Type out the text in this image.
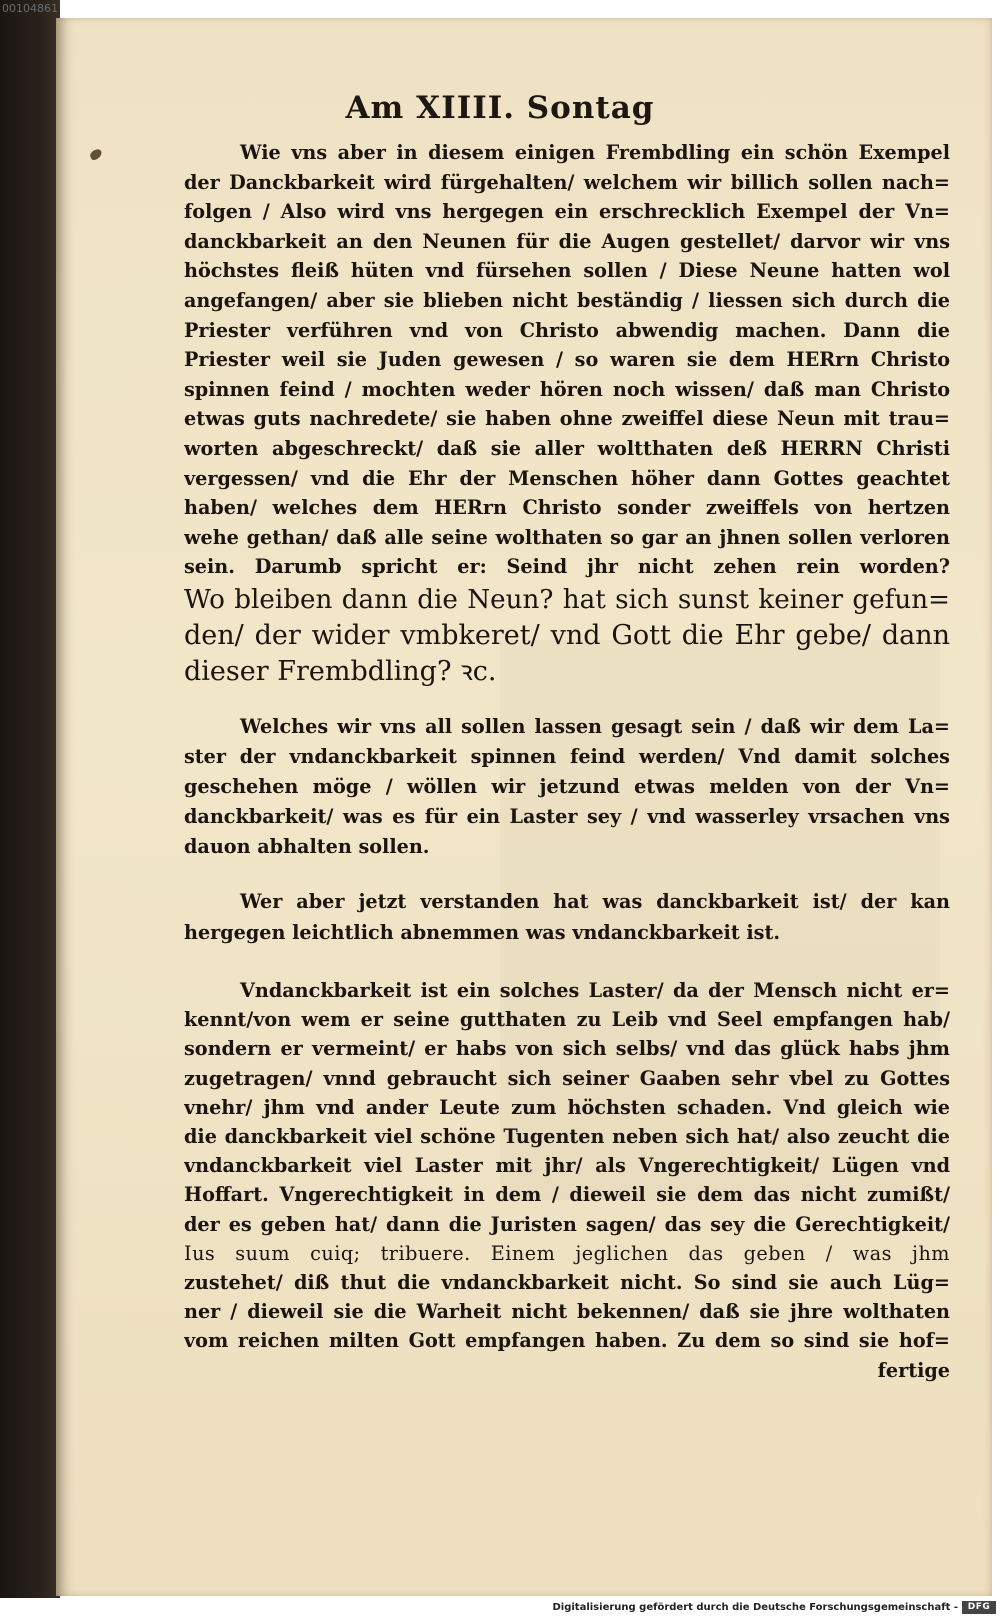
00104861
Am XIIII. Sontag
Wie vns aber in diesem einigen Frembdling ein schön Exempel
der Danckbarkeit wird fürgehalten/ welchem wir billich sollen nach=
folgen / Also wird vns hergegen ein erschrecklich Exempel der Vn=
danckbarkeit an den Neunen für die Augen gestellet/ darvor wir vns
höchstes fleiß hüten vnd fürsehen sollen / Diese Neune hatten wol
angefangen/ aber sie blieben nicht beständig / liessen sich durch die
Priester verführen vnd von Christo abwendig machen. Dann die
Priester weil sie Juden gewesen / so waren sie dem HERrn Christo
spinnen feind / mochten weder hören noch wissen/ daß man Christo
etwas guts nachredete/ sie haben ohne zweiffel diese Neun mit trau=
worten abgeschreckt/ daß sie aller woltthaten deß HERRN Christi
vergessen/ vnd die Ehr der Menschen höher dann Gottes geachtet
haben/ welches dem HERrn Christo sonder zweiffels von hertzen
wehe gethan/ daß alle seine wolthaten so gar an jhnen sollen verloren
sein. Darumb spricht er: Seind jhr nicht zehen rein worden?
Wo bleiben dann die Neun? hat sich sunst keiner gefun=
den/ der wider vmbkeret/ vnd Gott die Ehr gebe/ dann
dieser Frembdling? ꝛc.
Welches wir vns all sollen lassen gesagt sein / daß wir dem La=
ster der vndanckbarkeit spinnen feind werden/ Vnd damit solches
geschehen möge / wöllen wir jetzund etwas melden von der Vn=
danckbarkeit/ was es für ein Laster sey / vnd wasserley vrsachen vns
dauon abhalten sollen.
Wer aber jetzt verstanden hat was danckbarkeit ist/ der kan
hergegen leichtlich abnemmen was vndanckbarkeit ist.
Vndanckbarkeit ist ein solches Laster/ da der Mensch nicht er=
kennt/von wem er seine gutthaten zu Leib vnd Seel empfangen hab/
sondern er vermeint/ er habs von sich selbs/ vnd das glück habs jhm
zugetragen/ vnnd gebraucht sich seiner Gaaben sehr vbel zu Gottes
vnehr/ jhm vnd ander Leute zum höchsten schaden. Vnd gleich wie
die danckbarkeit viel schöne Tugenten neben sich hat/ also zeucht die
vndanckbarkeit viel Laster mit jhr/ als Vngerechtigkeit/ Lügen vnd
Hoffart. Vngerechtigkeit in dem / dieweil sie dem das nicht zumißt/
der es geben hat/ dann die Juristen sagen/ das sey die Gerechtigkeit/
Ius suum cuiq; tribuere. Einem jeglichen das geben / was jhm
zustehet/ diß thut die vndanckbarkeit nicht. So sind sie auch Lüg=
ner / dieweil sie die Warheit nicht bekennen/ daß sie jhre wolthaten
vom reichen milten Gott empfangen haben. Zu dem so sind sie hof=
fertige
Digitalisierung gefördert durch die Deutsche Forschungsgemeinschaft -	DFG
